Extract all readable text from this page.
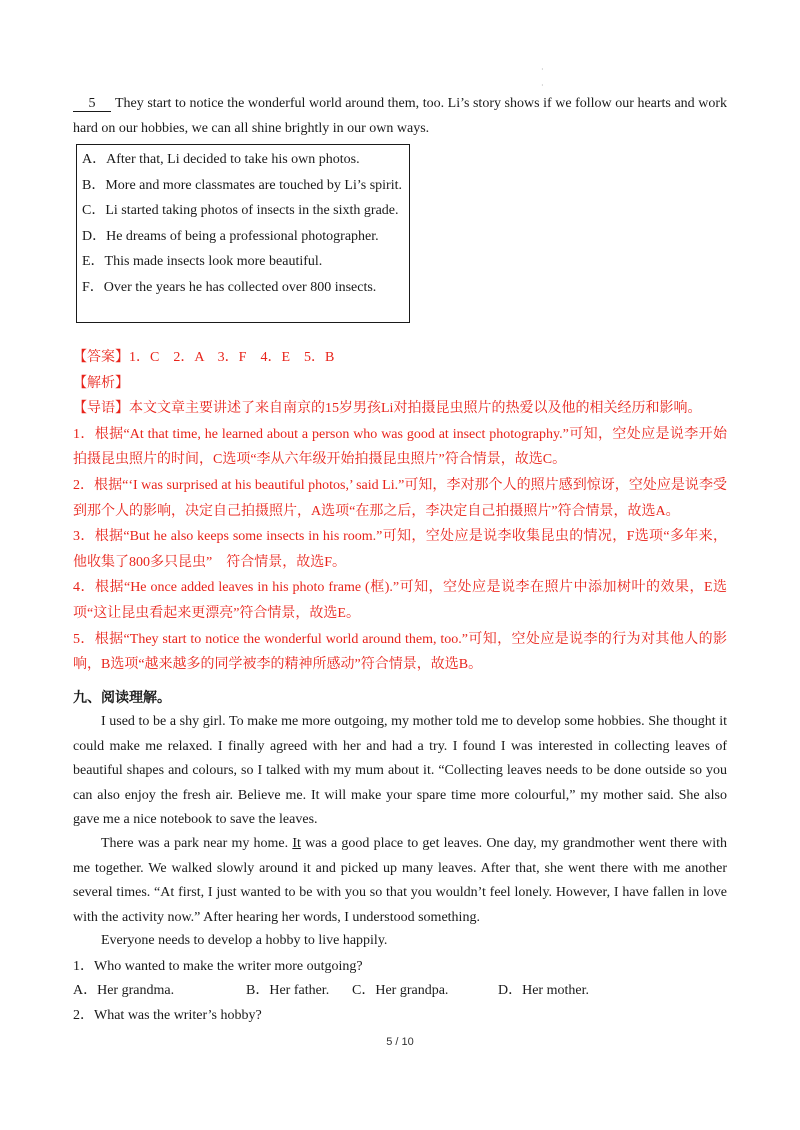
·
·
5 They start to notice the wonderful world around them, too. Li’s story shows if we follow our hearts and work hard on our hobbies, we can all shine brightly in our own ways.
A．After that, Li decided to take his own photos.
B．More and more classmates are touched by Li’s spirit.
C．Li started taking photos of insects in the sixth grade.
D．He dreams of being a professional photographer.
E．This made insects look more beautiful.
F．Over the years he has collected over 800 insects.
【答案】1．C　2．A　3．F　4．E　5．B
【解析】
【导语】本文文章主要讲述了来自南京的15岁男孩Li对拍摄昆虫照片的热爱以及他的相关经历和影响。
1．根据“At that time, he learned about a person who was good at insect photography.”可知，空处应是说李开始拍摄昆虫照片的时间，C选项“李从六年级开始拍摄昆虫照片”符合情景，故选C。
2．根据“‘I was surprised at his beautiful photos,’ said Li.”可知，李对那个人的照片感到惊讶，空处应是说李受到那个人的影响，决定自己拍摄照片，A选项“在那之后，李决定自己拍摄照片”符合情景，故选A。
3．根据“But he also keeps some insects in his room.”可知，空处应是说李收集昆虫的情况，F选项“多年来，他收集了800多只昆虫”　符合情景，故选F。
4．根据“He once added leaves in his photo frame (框).”可知，空处应是说李在照片中添加树叶的效果，E选项“这让昆虫看起来更漂亮”符合情景，故选E。
5．根据“They start to notice the wonderful world around them, too.”可知，空处应是说李的行为对其他人的影响，B选项“越来越多的同学被李的精神所感动”符合情景，故选B。
九、阅读理解。
I used to be a shy girl. To make me more outgoing, my mother told me to develop some hobbies. She thought it could make me relaxed. I finally agreed with her and had a try. I found I was interested in collecting leaves of beautiful shapes and colours, so I talked with my mum about it. “Collecting leaves needs to be done outside so you can also enjoy the fresh air. Believe me. It will make your spare time more colourful,” my mother said. She also gave me a nice notebook to save the leaves.
There was a park near my home. It was a good place to get leaves. One day, my grandmother went there with me together. We walked slowly around it and picked up many leaves. After that, she went there with me another several times. “At first, I just wanted to be with you so that you wouldn’t feel lonely. However, I have fallen in love with the activity now.” After hearing her words, I understood something.
Everyone needs to develop a hobby to live happily.
1．Who wanted to make the writer more outgoing?
A．Her grandma.	B．Her father. C．Her grandpa.	D．Her mother.
2．What was the writer’s hobby?
5 / 10
